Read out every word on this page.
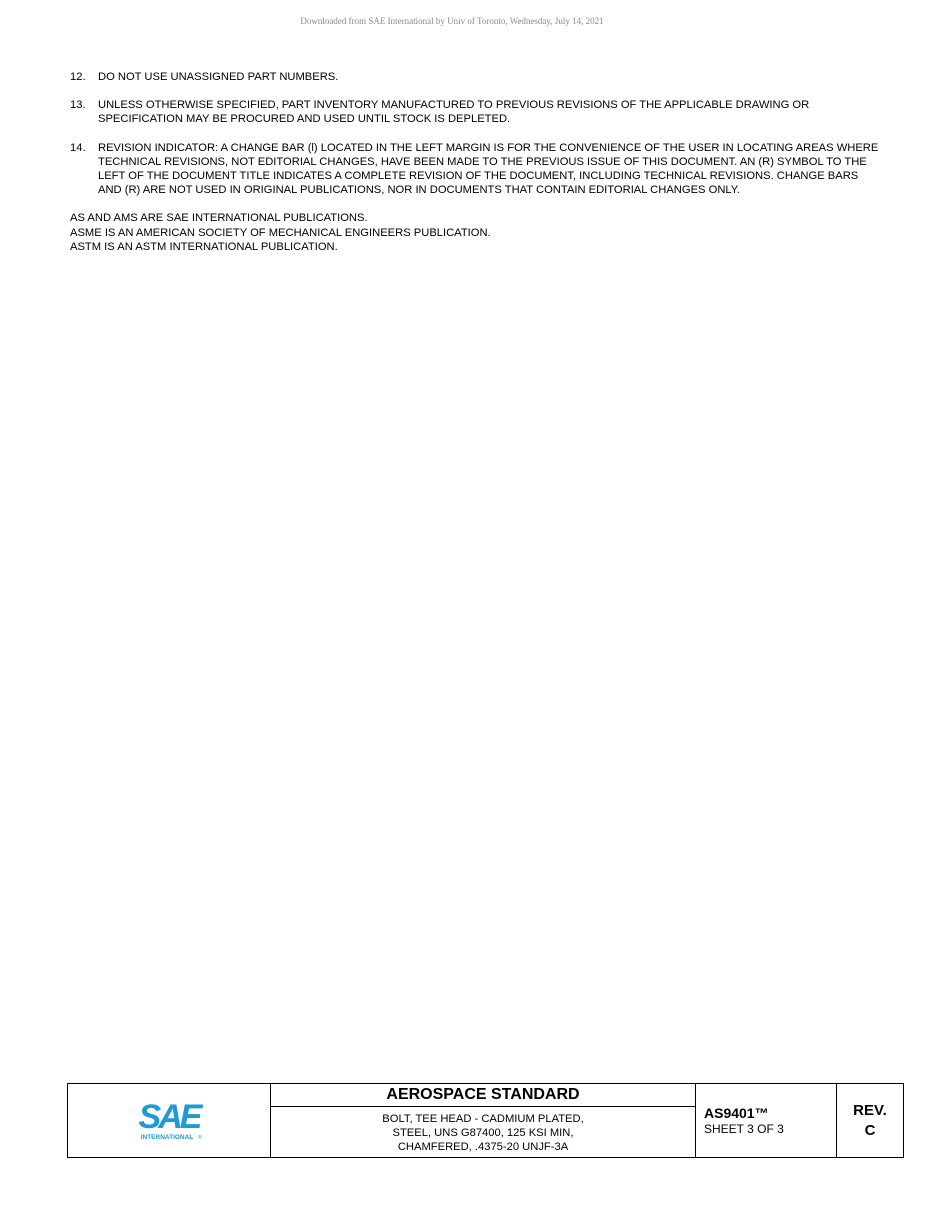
Downloaded from SAE International by Univ of Toronto, Wednesday, July 14, 2021
12.	DO NOT USE UNASSIGNED PART NUMBERS.
13.	UNLESS OTHERWISE SPECIFIED, PART INVENTORY MANUFACTURED TO PREVIOUS REVISIONS OF THE APPLICABLE DRAWING OR SPECIFICATION MAY BE PROCURED AND USED UNTIL STOCK IS DEPLETED.
14.	REVISION INDICATOR: A CHANGE BAR (l) LOCATED IN THE LEFT MARGIN IS FOR THE CONVENIENCE OF THE USER IN LOCATING AREAS WHERE TECHNICAL REVISIONS, NOT EDITORIAL CHANGES, HAVE BEEN MADE TO THE PREVIOUS ISSUE OF THIS DOCUMENT. AN (R) SYMBOL TO THE LEFT OF THE DOCUMENT TITLE INDICATES A COMPLETE REVISION OF THE DOCUMENT, INCLUDING TECHNICAL REVISIONS. CHANGE BARS AND (R) ARE NOT USED IN ORIGINAL PUBLICATIONS, NOR IN DOCUMENTS THAT CONTAIN EDITORIAL CHANGES ONLY.
AS AND AMS ARE SAE INTERNATIONAL PUBLICATIONS.
ASME IS AN AMERICAN SOCIETY OF MECHANICAL ENGINEERS PUBLICATION.
ASTM IS AN ASTM INTERNATIONAL PUBLICATION.
SAE
INTERNATIONAL ®
AEROSPACE STANDARD
BOLT, TEE HEAD - CADMIUM PLATED,
STEEL, UNS G87400, 125 KSI MIN,
CHAMFERED, .4375-20 UNJF-3A
AS9401™
SHEET 3 OF 3
REV.
C
